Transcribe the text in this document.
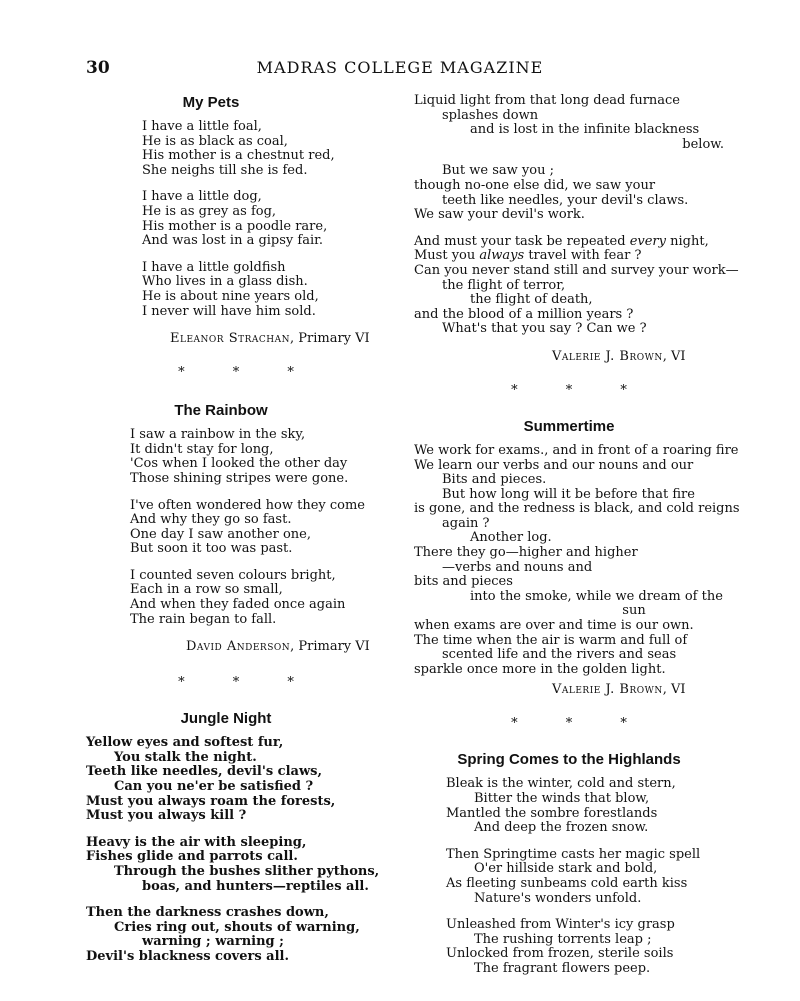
30	MADRAS COLLEGE MAGAZINE
My Pets
I have a little foal,
He is as black as coal,
His mother is a chestnut red,
She neighs till she is fed.
I have a little dog,
He is as grey as fog,
His mother is a poodle rare,
And was lost in a gipsy fair.
I have a little goldfish
Who lives in a glass dish.
He is about nine years old,
I never will have him sold.
Eleanor Strachan, Primary VI
* * *
The Rainbow
I saw a rainbow in the sky,
It didn't stay for long,
'Cos when I looked the other day
Those shining stripes were gone.
I've often wondered how they come
And why they go so fast.
One day I saw another one,
But soon it too was past.
I counted seven colours bright,
Each in a row so small,
And when they faded once again
The rain began to fall.
David Anderson, Primary VI
* * *
Jungle Night
Yellow eyes and softest fur,
You stalk the night.
Teeth like needles, devil's claws,
Can you ne'er be satisfied ?
Must you always roam the forests,
Must you always kill ?
Heavy is the air with sleeping,
Fishes glide and parrots call.
Through the bushes slither pythons,
boas, and hunters—reptiles all.
Then the darkness crashes down,
Cries ring out, shouts of warning,
warning ; warning ;
Devil's blackness covers all.
Liquid light from that long dead furnace
splashes down
and is lost in the infinite blackness
below.
But we saw you ;
though no-one else did, we saw your
teeth like needles, your devil's claws.
We saw your devil's work.
And must your task be repeated every night,
Must you always travel with fear ?
Can you never stand still and survey your work—
the flight of terror,
the flight of death,
and the blood of a million years ?
What's that you say ? Can we ?
Valerie J. Brown, VI
* * *
Summertime
We work for exams., and in front of a roaring fire
We learn our verbs and our nouns and our
Bits and pieces.
But how long will it be before that fire
is gone, and the redness is black, and cold reigns
again ?
Another log.
There they go—higher and higher
—verbs and nouns and
bits and pieces
into the smoke, while we dream of the
sun
when exams are over and time is our own.
The time when the air is warm and full of
scented life and the rivers and seas
sparkle once more in the golden light.
Valerie J. Brown, VI
* * *
Spring Comes to the Highlands
Bleak is the winter, cold and stern,
Bitter the winds that blow,
Mantled the sombre forestlands
And deep the frozen snow.
Then Springtime casts her magic spell
O'er hillside stark and bold,
As fleeting sunbeams cold earth kiss
Nature's wonders unfold.
Unleashed from Winter's icy grasp
The rushing torrents leap ;
Unlocked from frozen, sterile soils
The fragrant flowers peep.
